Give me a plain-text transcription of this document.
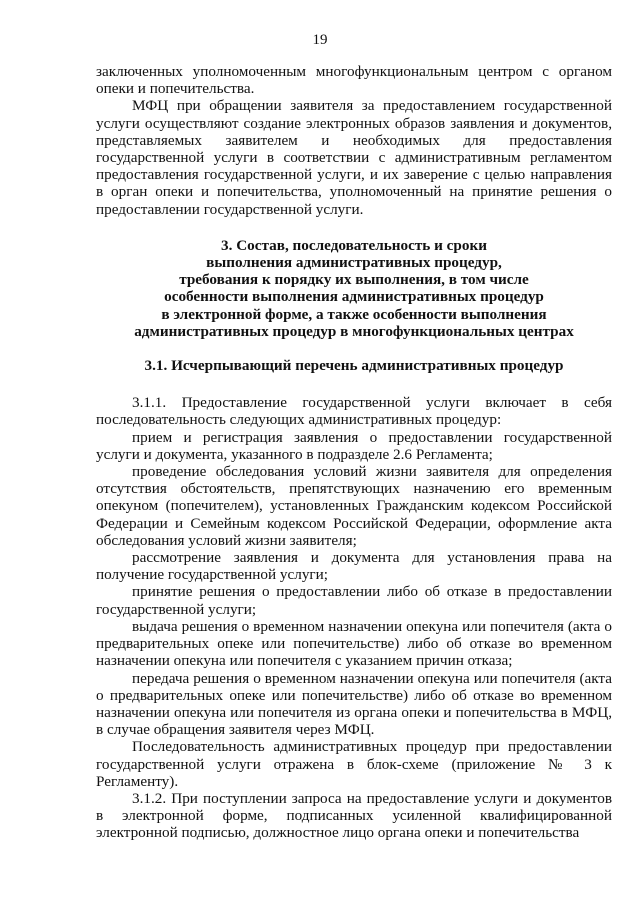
19

заключенных уполномоченным многофункциональным центром с органом опеки и попечительства.

МФЦ при обращении заявителя за предоставлением государственной услуги осуществляют создание электронных образов заявления и документов, представляемых заявителем и необходимых для предоставления государственной услуги в соответствии с административным регламентом предоставления государственной услуги, и их заверение с целью направления в орган опеки и попечительства, уполномоченный на принятие решения о предоставлении государственной услуги.

3. Состав, последовательность и сроки
выполнения административных процедур,
требования к порядку их выполнения, в том числе
особенности выполнения административных процедур
в электронной форме, а также особенности выполнения
административных процедур в многофункциональных центрах

3.1. Исчерпывающий перечень административных процедур

3.1.1. Предоставление государственной услуги включает в себя последовательность следующих административных процедур:

прием и регистрация заявления о предоставлении государственной услуги и документа, указанного в подразделе 2.6 Регламента;

проведение обследования условий жизни заявителя для определения отсутствия обстоятельств, препятствующих назначению его временным опекуном (попечителем), установленных Гражданским кодексом Российской Федерации и Семейным кодексом Российской Федерации, оформление акта обследования условий жизни заявителя;

рассмотрение заявления и документа для установления права на получение государственной услуги;

принятие решения о предоставлении либо об отказе в предоставлении государственной услуги;

выдача решения о временном назначении опекуна или попечителя (акта о предварительных опеке или попечительстве) либо об отказе во временном назначении опекуна или попечителя с указанием причин отказа;

передача решения о временном назначении опекуна или попечителя (акта о предварительных опеке или попечительстве) либо об отказе во временном назначении опекуна или попечителя из органа опеки и попечительства в МФЦ, в случае обращения заявителя через МФЦ.

Последовательность административных процедур при предоставлении государственной услуги отражена в блок-схеме (приложение № 3 к Регламенту).

3.1.2. При поступлении запроса на предоставление услуги и документов в электронной форме, подписанных усиленной квалифицированной электронной подписью, должностное лицо органа опеки и попечительства
